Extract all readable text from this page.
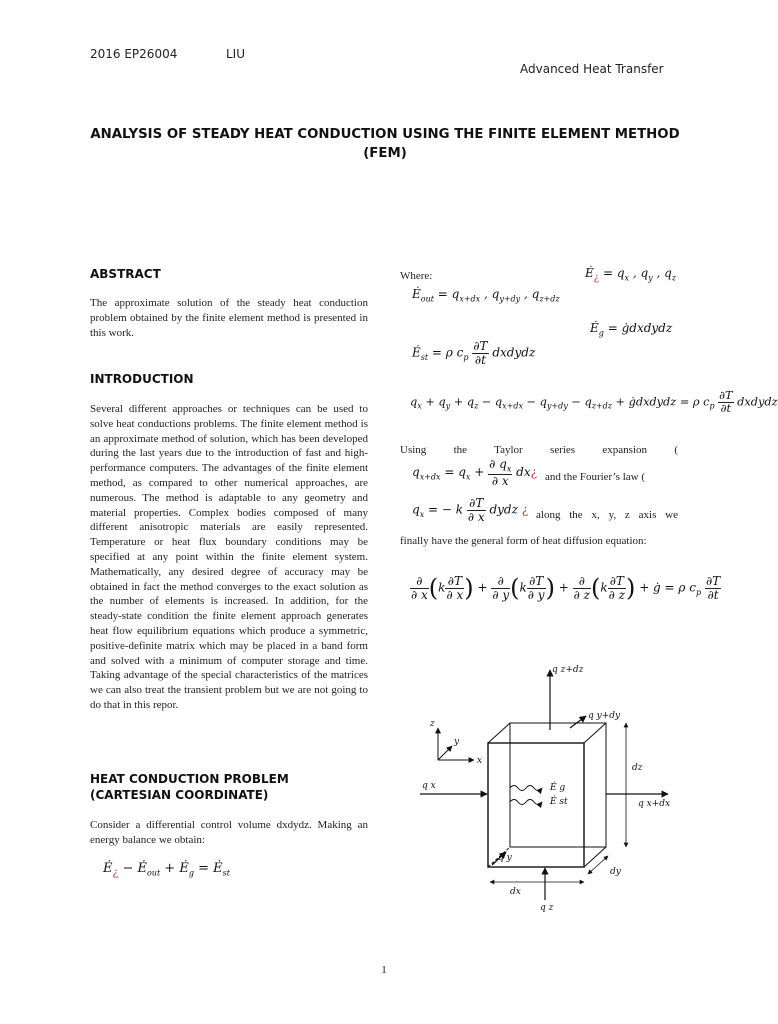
2016 EP26004	LIU
Advanced Heat Transfer
ANALYSIS OF STEADY HEAT CONDUCTION USING THE FINITE ELEMENT METHOD (FEM)
ABSTRACT
The approximate solution of the steady heat conduction problem obtained by the finite element method is presented in this work.
INTRODUCTION
Several different approaches or techniques can be used to solve heat conductions problems. The finite element method is an approximate method of solution, which has been developed during the last years due to the introduction of fast and high-performance computers. The advantages of the finite element method, as compared to other numerical approaches, are numerous. The method is adaptable to any geometry and material properties. Complex bodies composed of many different anisotropic materials are easily represented. Temperature or heat flux boundary conditions may be specified at any point within the finite element system. Mathematically, any desired degree of accuracy may be obtained in fact the method converges to the exact solution as the number of elements is increased. In addition, for the steady-state condition the finite element approach generates heat flow equilibrium equations which produce a symmetric, positive-definite matrix which may be placed in a band form and solved with a minimum of computer storage and time. Taking advantage of the special characteristics of the matrices we can also treat the transient problem but we are not going to do that in this repor.
HEAT CONDUCTION PROBLEM (CARTESIAN COORDINATE)
Consider a differential control volume dxdydz. Making an energy balance we obtain:
$Ė_¿$ − $Ė_{out}$ + $Ė_g$ = $Ė_{st}$
Where:	$Ė_¿ = q_x$ , $q_y$ , $q_z$
$Ė_{out} = q_{x+dx}$ , $q_{y+dy}$ , $q_{z+dz}$
$Ė_g$ = ġdxdydz
$Ė_{st} = \rho$ $c_p \frac{\partial T}{\partial t}$ dxdydz
$q_x + q_y + q_z - q_{x+dx} - q_{y+dy} - q_{z+dz}$ + ġdxdydz = ρ $c_p \frac{\partial T}{\partial t}$ dxdydz
Using the Taylor series expansion (
$q_{x+dx} = q_x + \frac{\partial q_x}{\partial x}$ dx¿ and the Fourier’s law (
$q_x$ = − k $\frac{\partial T}{\partial x}$ dydz ¿ along the x, y, z axis we
finally have the general form of heat diffusion equation:
$\frac{\partial}{\partial x} (k \frac{\partial T}{\partial x}$ ) + $\frac{\partial}{\partial y} (k \frac{\partial T}{\partial y}$ ) + $\frac{\partial}{\partial z} (k \frac{\partial T}{\partial z}$ ) + ġ = ρ $c_p \frac{\partial T}{\partial t}$
q z+dz
q y+dy
q x
q x+dx
q y
q z
dz
dx
dy
Ė g
Ė st
z
y
x
1
